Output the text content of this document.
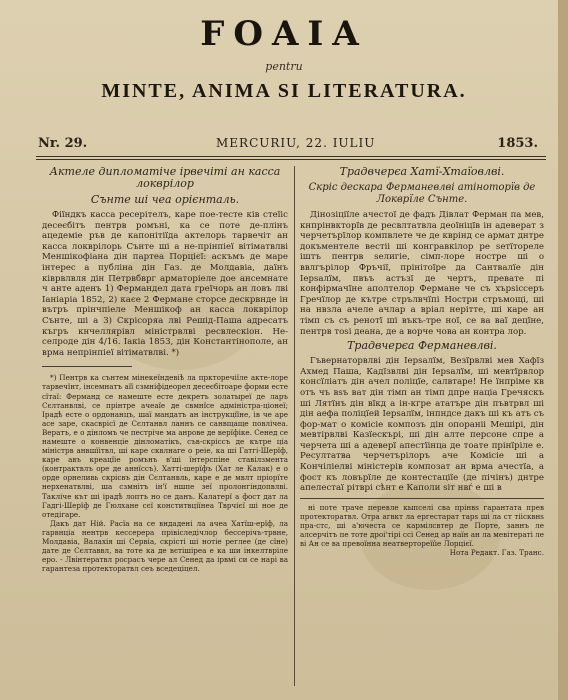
FOAIA
pentru
MINTE, ANIMA SI LITERATURA.
Nr. 29.	MERCURIU, 22. IULIU	1853.

Актеле дипломатіче ірвечіті ан касса локврілор

Сънте ші чеа орієнталь.

Фіїндкъ касса ресерітелъ, каре пое-тесте ків стеїіс десеєбітъ пентрв ромъні, ка се поте де-плінъ ацедеміе ръв де капонітіїда актелорь тарвечіт ан касса локврілорь Сънте ші а не-прінпіеї вітіматвлві Меншікофіана дін партеа Порцієї: аскъмъ де маре інтерес а публіна дін Газ. де Молдавіа, даїнъ ківрвлвля дін Петрвбврг арматоріеле дое ансемнате ч анте аденъ 1) Фермандел дата греїчорь ан ловъ лві Іаніаріа 1852, 2) каєе 2 Фермане сторсе дескрвнде ін вътръ прінчпіеле Меншікоф ан касса локврілор Сънте, ші а 3) Скрісоряа лві Решід-Паша адресатъ къгръ кнчеллярівл міністрвлві ресвлескіон. Не-селроде дін 4/16. Іакіа 1853, дін Константінополе, ан врма непрінпіеї вітіматвлві. *)

*) Пентрв ка сънтем мінекеїндевіѣ ла пркторечіїле акте-лоре тарвечїнт, інсемнатъ аїї сзмніфідеорел десеєбітоаре форми есте сїтаї: Ферманд се намеште есте декретъ золатыреї де ларъ Сєлтанвлві, се прінтре ачеаїе де свмнїсе адміністра-ціонеї; Ірадѣ есте о ордонанцъ, шаї мандатъ ан інструкцїїне, ів че аре асе заре, скасврісї де Сєлтанвл ланнъ се санвщаще повлічеа. Вератъ, е о дінломъ че пестріче ма анрове де верїфіке. Сенед се намеште о конвенціе дінломатікъ, съв-скріссъ де кътре ціа міністрв анвшїітвл, ші каре сквлнаге о реіе, ка ші Гатгі-Шерїф, каре авъ креацїіе ромънъ в'ші їнтерспіне ставілзмента (контрактвлъ оре де аннїссъ). Хатті-шерїфъ (Хат ле Калак) е о орде орнеливь скрісвъ дін Сєлтанвль, каре е де мвлт пріорїте нерхенатвлві, ша сзмнітъ ін'ї ншпе зеї пролонгіндопвлві. Такліче кът ші ірадѣ лоптъ но се данъ. Калатерї а фост дат ла Гадгі-Шерїф де Гюлхане сєї конститвціїнеа Тврчієї ші ное де отедігаре.

Дакъ дат Ній. Расїа на се вндадені ла ачеа Хатїш-ерїф, ла гарвнціа нентрв кессерера прівіследічлор бессерічъ-трвне, Молдавіа, Валахія ші Сервіа, скрісті ші нотіе реглее (де сїне) дате де Сєлтаввл, ва тоте ка де вєтішіреа е ка ши інкелтвріле еро. - Лвінтератвл росрасъ чере ал Сенед да ірвмі си се нарі ва гарантеза протекторатвл сеъ вседеціцел.

Традвчерєа Хатї-Хтаїовлві.

Скріс дескара Ферманевлві атіноторїв де Локврїле Сънте.

Дінозіціїле ачестої де фадъ Дівлат Ферман па мев, кнпрінвкторїв де ресвлтатвла деоїніцїв ін адеверат з черчетърїлор компвлете че де кврінд се армат днтре докъментеле вестіі ші конгравкілор ре ѕетїтореле іштъ пентрв ѕелигіе, сімп-лоре ностре ші о ввлгърілор Фръчії, прінітоїре да Сантвалїе дін Іерѕалїм, пвъъ астъзї де чертъ, превате пі конфірмачїне аполтелор Фермане че съ хърѕіссеръ Гречїлор де кътре стрълвчїпі Ностри стръмощі, ші на нвзла ачеле ачлар а вріал нерітте, ші каре ан тімп съ съ ренотї ші въкъ-тре ної, се ва ваї децїне, пентрв тоѕі деана, де а ворче чова ан контра лор.

Традвчерєа Ферманевлві.

Гъвернаторвлві дін Іерѕалїм, Везїрвлві мев Хафїз Ахмед Паша, Кадїзвлві дін Іерѕалїм, ші мевтїрвлор консїліатъ дін ачел поліцїе, салвтаре! Не їнпріме кв отъ чъ вѕъ ват дін тімп ан тімп дпре націа Гречяскъ ші Лятїнъ дін вїкд а ін-кгре ататъре дін пъвтрвл ші дін аефа поліцїей Іерѕалїм, інпндсе дакъ ші къ атъ съ фор-мат о комісіе композъ дін опораніі Мешірі, дін мевтірвлві Казїескърі, ші дін алте персоне спре а черчета ші а адеверї апестїінца де тоате прінїріле е. Ресултатва черчетърілоръ аче Комісіе ші а Кончіліелві міністерів композат ан врма ачестїа, а фост къ ловърїле де контестаціїе (де пічінъ) днтре апелестаї рітврі сѣнт е Каполи ѕіт нвѓ е ші в

ні поте траче перевле кыпселі сва прінвѕ гарантата прев протекторатвл. Отра агвкт ла ергестарат тарѕ ші ла ст тіісквнѕ пра-стс, ші а'ючеста се кармілсвтер де Порте, заннъ ле алсерчітъ пе тоте дроі'тірі ссі Сенед ар наїн ан ла мевітераті ле ві Ан се ва превоїнна неатвертореїїіе Лорцієї.

Нота Редакт. Газ. Транс.
